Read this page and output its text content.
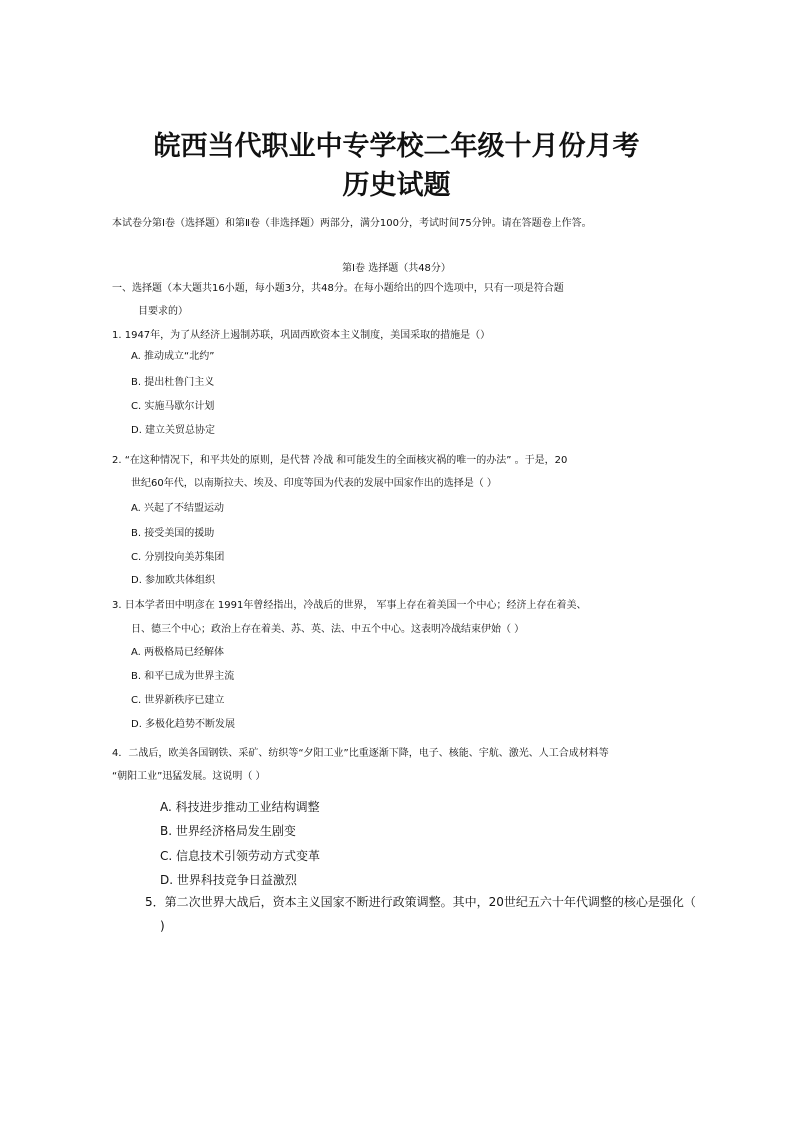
皖西当代职业中专学校二年级十月份月考
历史试题
本试卷分第Ⅰ卷（选择题）和第Ⅱ卷（非选择题）两部分，满分100分，考试时间75分钟。请在答题卷上作答。
第Ⅰ卷 选择题（共48分）
一、选择题（本大题共16小题，每小题3分，共48分。在每小题给出的四个选项中，只有一项是符合题
目要求的）
1. 1947年，为了从经济上遏制苏联，巩固西欧资本主义制度，美国采取的措施是（）
A. 推动成立“北约”
B. 提出杜鲁门主义
C. 实施马歇尔计划
D. 建立关贸总协定
2. “在这种情况下，和平共处的原则，是代替 冷战 和可能发生的全面核灾祸的唯一的办法” 。于是，20
世纪60年代，以南斯拉夫、埃及、印度等国为代表的发展中国家作出的选择是（ ）
A. 兴起了不结盟运动
B. 接受美国的援助
C. 分别投向美苏集团
D. 参加欧共体组织
3. 日本学者田中明彦在 1991年曾经指出，冷战后的世界， 军事上存在着美国一个中心；经济上存在着美、
日、德三个中心；政治上存在着美、苏、英、法、中五个中心。这表明冷战结束伊始（ ）
A. 两极格局已经解体
B. 和平已成为世界主流
C. 世界新秩序已建立
D. 多极化趋势不断发展
4．二战后，欧美各国钢铁、采矿、纺织等“夕阳工业”比重逐渐下降，电子、核能、宇航、激光、人工合成材料等
“朝阳工业”迅猛发展。这说明（ ）
A. 科技进步推动工业结构调整
B. 世界经济格局发生剧变
C. 信息技术引领劳动方式变革
D. 世界科技竞争日益激烈
5．第二次世界大战后，资本主义国家不断进行政策调整。其中，20世纪五六十年代调整的核心是强化（
)
